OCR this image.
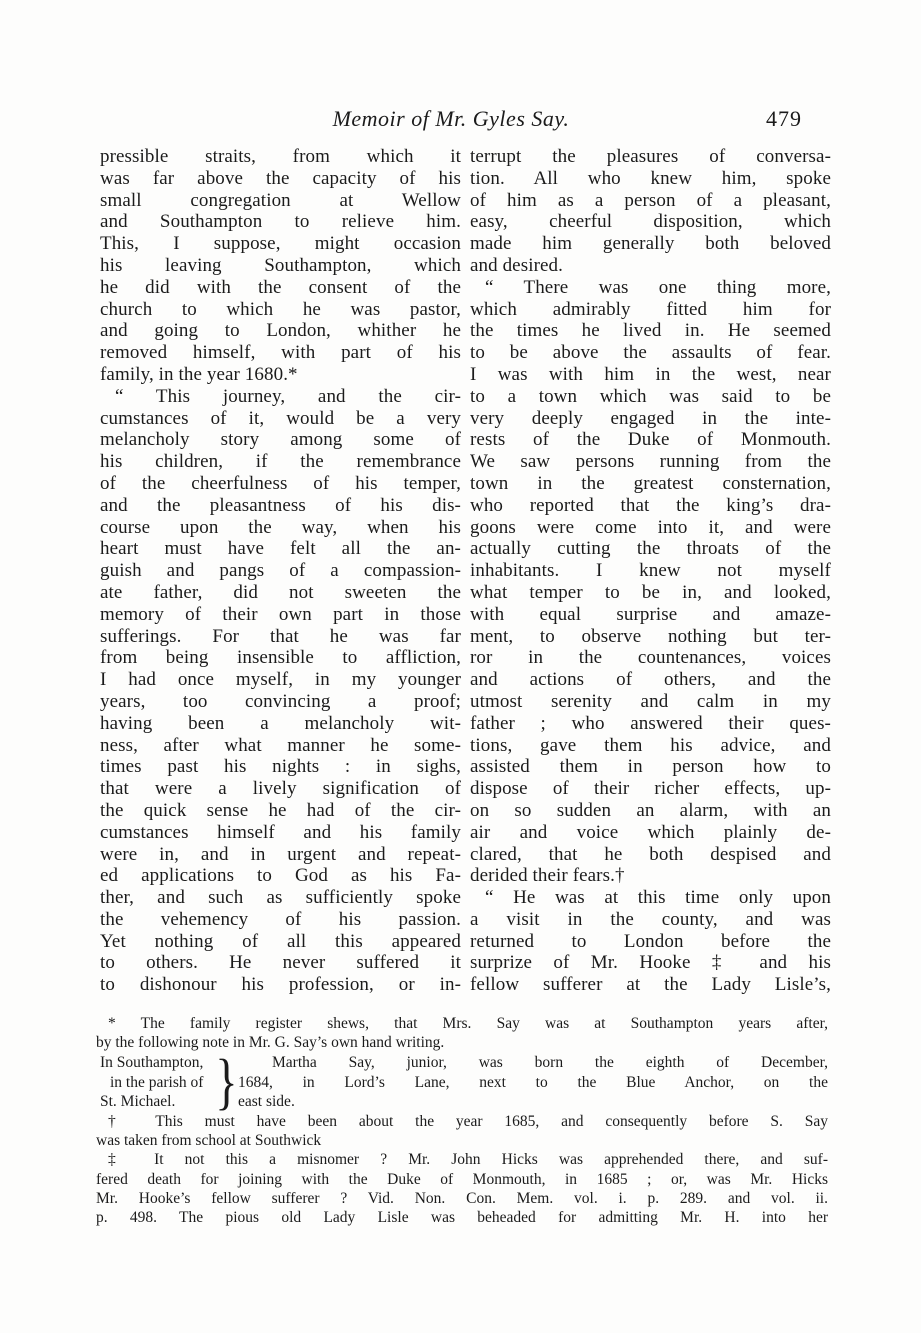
Memoir of Mr. Gyles Say.	479
pressible straits, from which it
was far above the capacity of his
small congregation at Wellow
and Southampton to relieve him.
This, I suppose, might occasion
his leaving Southampton, which
he did with the consent of the
church to which he was pastor,
and going to London, whither he
removed himself, with part of his
family, in the year 1680.*
“ This journey, and the cir-
cumstances of it, would be a very
melancholy story among some of
his children, if the remembrance
of the cheerfulness of his temper,
and the pleasantness of his dis-
course upon the way, when his
heart must have felt all the an-
guish and pangs of a compassion-
ate father, did not sweeten the
memory of their own part in those
sufferings. For that he was far
from being insensible to affliction,
I had once myself, in my younger
years, too convincing a proof;
having been a melancholy wit-
ness, after what manner he some-
times past his nights : in sighs,
that were a lively signification of
the quick sense he had of the cir-
cumstances himself and his family
were in, and in urgent and repeat-
ed applications to God as his Fa-
ther, and such as sufficiently spoke
the vehemency of his passion.
Yet nothing of all this appeared
to others. He never suffered it
to dishonour his profession, or in-
terrupt the pleasures of conversa-
tion. All who knew him, spoke
of him as a person of a pleasant,
easy, cheerful disposition, which
made him generally both beloved
and desired.
“ There was one thing more,
which admirably fitted him for
the times he lived in. He seemed
to be above the assaults of fear.
I was with him in the west, near
to a town which was said to be
very deeply engaged in the inte-
rests of the Duke of Monmouth.
We saw persons running from the
town in the greatest consternation,
who reported that the king’s dra-
goons were come into it, and were
actually cutting the throats of the
inhabitants. I knew not myself
what temper to be in, and looked,
with equal surprise and amaze-
ment, to observe nothing but ter-
ror in the countenances, voices
and actions of others, and the
utmost serenity and calm in my
father ; who answered their ques-
tions, gave them his advice, and
assisted them in person how to
dispose of their richer effects, up-
on so sudden an alarm, with an
air and voice which plainly de-
clared, that he both despised and
derided their fears.†
“ He was at this time only upon
a visit in the county, and was
returned to London before the
surprize of Mr. Hooke ‡ and his
fellow sufferer at the Lady Lisle’s,
* The family register shews, that Mrs. Say was at Southampton years after,
by the following note in Mr. G. Say’s own hand writing.
In Southampton,
in the parish of
St. Michael. }	Martha Say, junior, was born the eighth of December,
1684, in Lord’s Lane, next to the Blue Anchor, on the
east side.
† This must have been about the year 1685, and consequently before S. Say
was taken from school at Southwick
‡ It not this a misnomer ? Mr. John Hicks was apprehended there, and suf-
fered death for joining with the Duke of Monmouth, in 1685 ; or, was Mr. Hicks
Mr. Hooke’s fellow sufferer ? Vid. Non. Con. Mem. vol. i. p. 289. and vol. ii.
p. 498. The pious old Lady Lisle was beheaded for admitting Mr. H. into her
